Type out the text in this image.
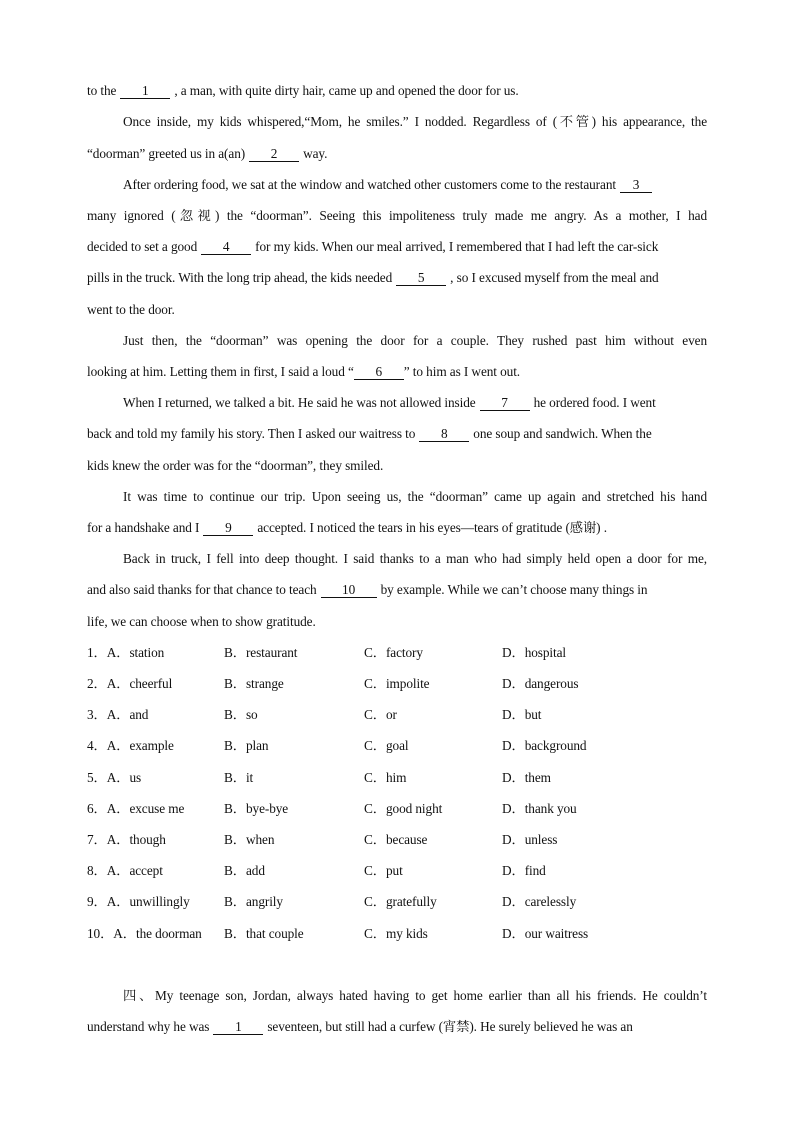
to the 1 , a man, with quite dirty hair, came up and opened the door for us.
Once inside, my kids whispered,“Mom, he smiles.” I nodded. Regardless of (不管) his appearance, the
“doorman” greeted us in a(an) 2 way.
After ordering food, we sat at the window and watched other customers come to the restaurant 3
many ignored (忽视) the “doorman”. Seeing this impoliteness truly made me angry. As a mother, I had
decided to set a good 4 for my kids. When our meal arrived, I remembered that I had left the car-sick
pills in the truck. With the long trip ahead, the kids needed 5 , so I excused myself from the meal and
went to the door.
Just then, the “doorman” was opening the door for a couple. They rushed past him without even
looking at him. Letting them in first, I said a loud “ 6 ” to him as I went out.
When I returned, we talked a bit. He said he was not allowed inside 7 he ordered food. I went
back and told my family his story. Then I asked our waitress to 8 one soup and sandwich. When the
kids knew the order was for the “doorman”, they smiled.
It was time to continue our trip. Upon seeing us, the “doorman” came up again and stretched his hand
for a handshake and I 9 accepted. I noticed the tears in his eyes—tears of gratitude (感谢) .
Back in truck, I fell into deep thought. I said thanks to a man who had simply held open a door for me,
and also said thanks for that chance to teach 10 by example. While we can’t choose many things in
life, we can choose when to show gratitude.
1．A．station	B．restaurant	C．factory	D．hospital
2．A．cheerful	B．strange	C．impolite	D．dangerous
3．A．and	B．so	C．or	D．but
4．A．example	B．plan	C．goal	D．background
5．A．us	B．it	C．him	D．them
6．A．excuse me	B．bye-bye	C．good night	D．thank you
7．A．though	B．when	C．because	D．unless
8．A．accept	B．add	C．put	D．find
9．A．unwillingly	B．angrily	C．gratefully	D．carelessly
10．A．the doorman B．that couple	C．my kids	D．our waitress
四、My teenage son, Jordan, always hated having to get home earlier than all his friends. He couldn’t
understand why he was 1 seventeen, but still had a curfew (宵禁). He surely believed he was an
